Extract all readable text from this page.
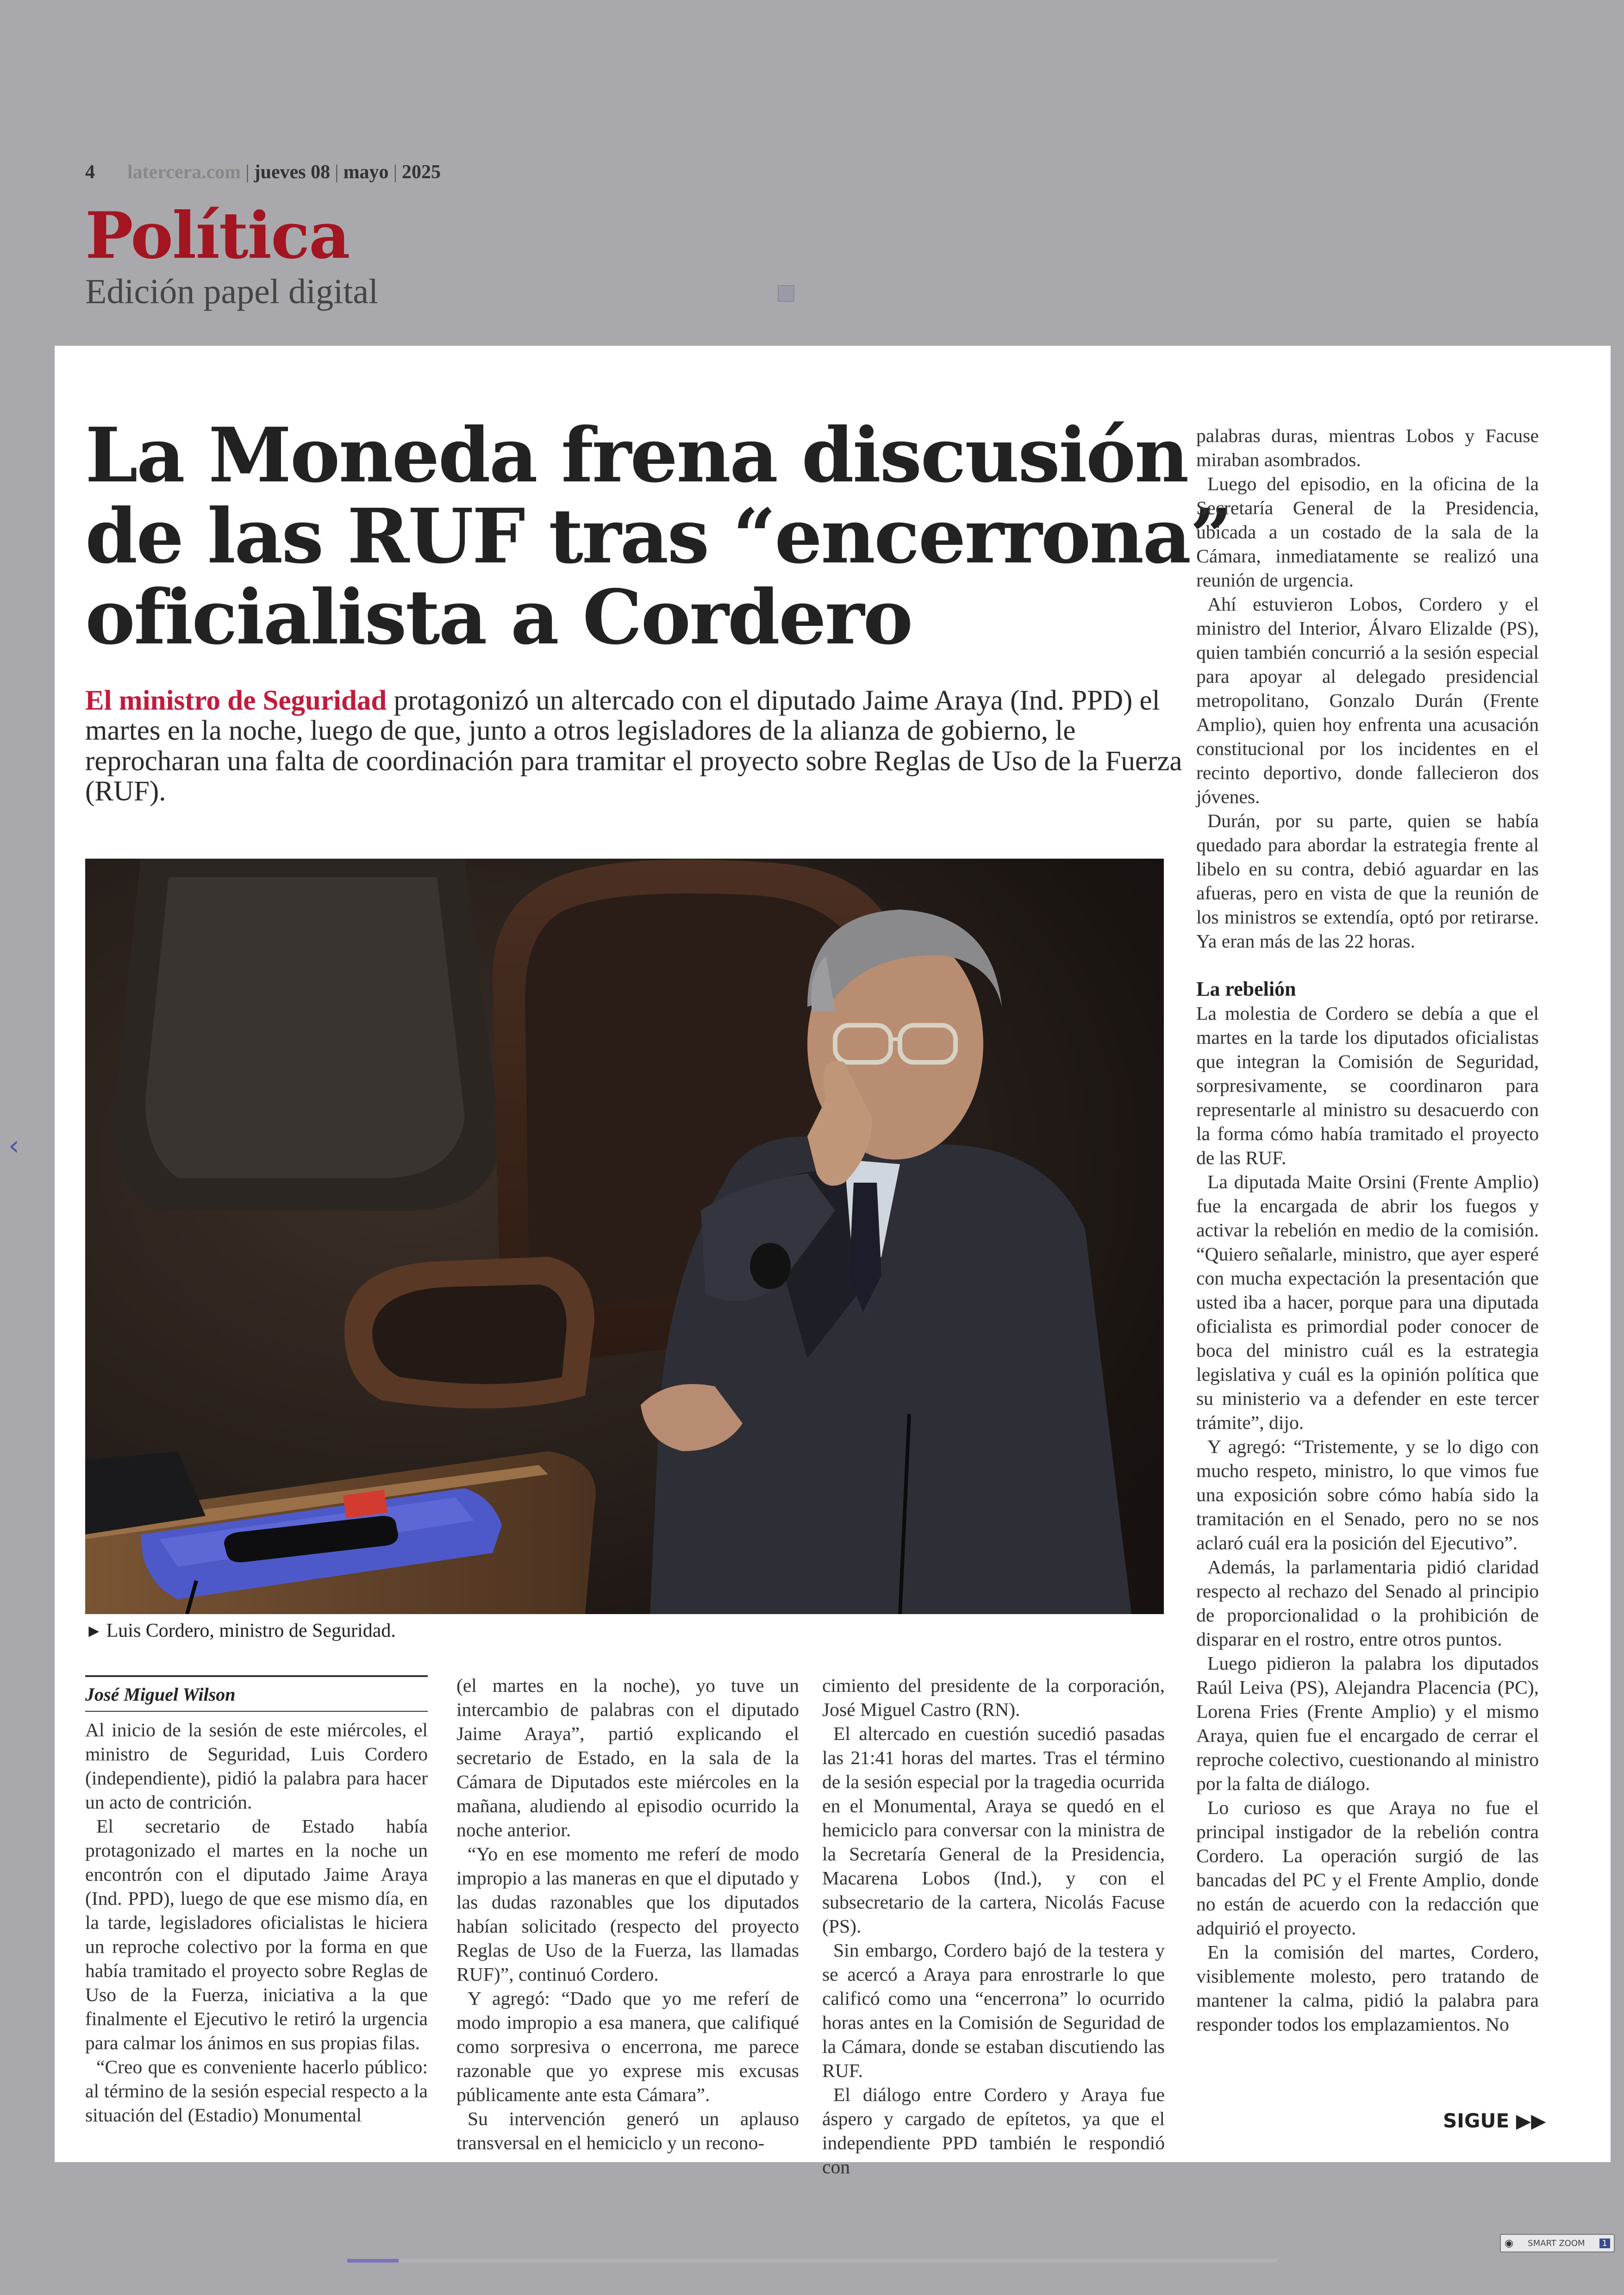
4 latercera.com | jueves 08 | mayo | 2025
Política
Edición papel digital
‹
La Moneda frena discusión
de las RUF tras “encerrona”
oficialista a Cordero
El ministro de Seguridad protagonizó un altercado con el diputado Jaime Araya (Ind. PPD) el martes en la noche, luego de que, junto a otros legisladores de la alianza de gobierno, le reprocharan una falta de coordinación para tramitar el proyecto sobre Reglas de Uso de la Fuerza (RUF).
► Luis Cordero, ministro de Seguridad.
José Miguel Wilson

Al inicio de la sesión de este miércoles, el ministro de Seguridad, Luis Cordero (independiente), pidió la palabra para hacer un acto de contrición.

El secretario de Estado había protagonizado el martes en la noche un encontrón con el diputado Jaime Araya (Ind. PPD), luego de que ese mismo día, en la tarde, legisladores oficialistas le hiciera un reproche colectivo por la forma en que había tramitado el proyecto sobre Reglas de Uso de la Fuerza, iniciativa a la que finalmente el Ejecutivo le retiró la urgencia para calmar los ánimos en sus propias filas.

“Creo que es conveniente hacerlo público: al término de la sesión especial respecto a la situación del (Estadio) Monumental

(el martes en la noche), yo tuve un intercambio de palabras con el diputado Jaime Araya”, partió explicando el secretario de Estado, en la sala de la Cámara de Diputados este miércoles en la mañana, aludiendo al episodio ocurrido la noche anterior.

“Yo en ese momento me referí de modo impropio a las maneras en que el diputado y las dudas razonables que los diputados habían solicitado (respecto del proyecto Reglas de Uso de la Fuerza, las llamadas RUF)”, continuó Cordero.

Y agregó: “Dado que yo me referí de modo impropio a esa manera, que califiqué como sorpresiva o encerrona, me parece razonable que yo exprese mis excusas públicamente ante esta Cámara”.

Su intervención generó un aplauso transversal en el hemiciclo y un recono-

cimiento del presidente de la corporación, José Miguel Castro (RN).

El altercado en cuestión sucedió pasadas las 21:41 horas del martes. Tras el término de la sesión especial por la tragedia ocurrida en el Monumental, Araya se quedó en el hemiciclo para conversar con la ministra de la Secretaría General de la Presidencia, Macarena Lobos (Ind.), y con el subsecretario de la cartera, Nicolás Facuse (PS).

Sin embargo, Cordero bajó de la testera y se acercó a Araya para enrostrarle lo que calificó como una “encerrona” lo ocurrido horas antes en la Comisión de Seguridad de la Cámara, donde se estaban discutiendo las RUF.

El diálogo entre Cordero y Araya fue áspero y cargado de epítetos, ya que el independiente PPD también le respondió con

palabras duras, mientras Lobos y Facuse miraban asombrados.

Luego del episodio, en la oficina de la Secretaría General de la Presidencia, ubicada a un costado de la sala de la Cámara, inmediatamente se realizó una reunión de urgencia.

Ahí estuvieron Lobos, Cordero y el ministro del Interior, Álvaro Elizalde (PS), quien también concurrió a la sesión especial para apoyar al delegado presidencial metropolitano, Gonzalo Durán (Frente Amplio), quien hoy enfrenta una acusación constitucional por los incidentes en el recinto deportivo, donde fallecieron dos jóvenes.

Durán, por su parte, quien se había quedado para abordar la estrategia frente al libelo en su contra, debió aguardar en las afueras, pero en vista de que la reunión de los ministros se extendía, optó por retirarse. Ya eran más de las 22 horas.

La rebelión

La molestia de Cordero se debía a que el martes en la tarde los diputados oficialistas que integran la Comisión de Seguridad, sorpresivamente, se coordinaron para representarle al ministro su desacuerdo con la forma cómo había tramitado el proyecto de las RUF.

La diputada Maite Orsini (Frente Amplio) fue la encargada de abrir los fuegos y activar la rebelión en medio de la comisión. “Quiero señalarle, ministro, que ayer esperé con mucha expectación la presentación que usted iba a hacer, porque para una diputada oficialista es primordial poder conocer de boca del ministro cuál es la estrategia legislativa y cuál es la opinión política que su ministerio va a defender en este tercer trámite”, dijo.

Y agregó: “Tristemente, y se lo digo con mucho respeto, ministro, lo que vimos fue una exposición sobre cómo había sido la tramitación en el Senado, pero no se nos aclaró cuál era la posición del Ejecutivo”.

Además, la parlamentaria pidió claridad respecto al rechazo del Senado al principio de proporcionalidad o la prohibición de disparar en el rostro, entre otros puntos.

Luego pidieron la palabra los diputados Raúl Leiva (PS), Alejandra Placencia (PC), Lorena Fries (Frente Amplio) y el mismo Araya, quien fue el encargado de cerrar el reproche colectivo, cuestionando al ministro por la falta de diálogo.

Lo curioso es que Araya no fue el principal instigador de la rebelión contra Cordero. La operación surgió de las bancadas del PC y el Frente Amplio, donde no están de acuerdo con la redacción que adquirió el proyecto.

En la comisión del martes, Cordero, visiblemente molesto, pero tratando de mantener la calma, pidió la palabra para responder todos los emplazamientos. No

SIGUE ▶▶
◉ SMART ZOOM	1
